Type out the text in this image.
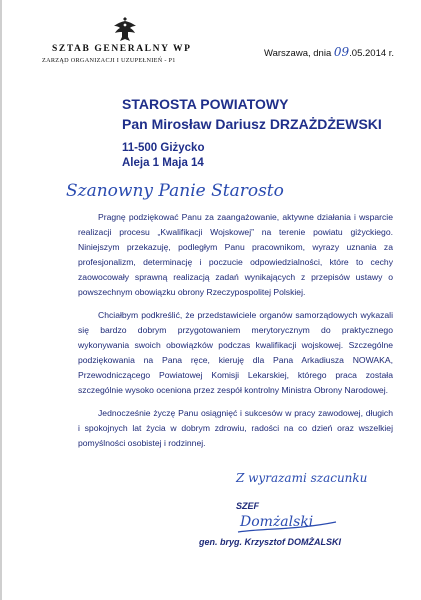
SZTAB GENERALNY WP
ZARZĄD ORGANIZACJI I UZUPEŁNIEŃ - P1
Warszawa, dnia 09.05.2014 r.
STAROSTA POWIATOWY
Pan Mirosław Dariusz DRZAŻDŻEWSKI
11-500 Giżycko
Aleja 1 Maja 14
Szanowny Panie Starosto

Pragnę podziękować Panu za zaangażowanie, aktywne działania i wsparcie realizacji procesu „Kwalifikacji Wojskowej” na terenie powiatu giżyckiego. Niniejszym przekazuję, podległym Panu pracownikom, wyrazy uznania za profesjonalizm, determinację i poczucie odpowiedzialności, które to cechy zaowocowały sprawną realizacją zadań wynikających z przepisów ustawy o powszechnym obowiązku obrony Rzeczypospolitej Polskiej.

Chciałbym podkreślić, że przedstawiciele organów samorządowych wykazali się bardzo dobrym przygotowaniem merytorycznym do praktycznego wykonywania swoich obowiązków podczas kwalifikacji wojskowej. Szczególne podziękowania na Pana ręce, kieruję dla Pana Arkadiusza NOWAKA, Przewodniczącego Powiatowej Komisji Lekarskiej, którego praca została szczególnie wysoko oceniona przez zespół kontrolny Ministra Obrony Narodowej.

Jednocześnie życzę Panu osiągnięć i sukcesów w pracy zawodowej, długich i spokojnych lat życia w dobrym zdrowiu, radości na co dzień oraz wszelkiej pomyślności osobistej i rodzinnej.

Z wyrazami szacunku
SZEF
Domżalski
gen. bryg. Krzysztof DOMŻALSKI
